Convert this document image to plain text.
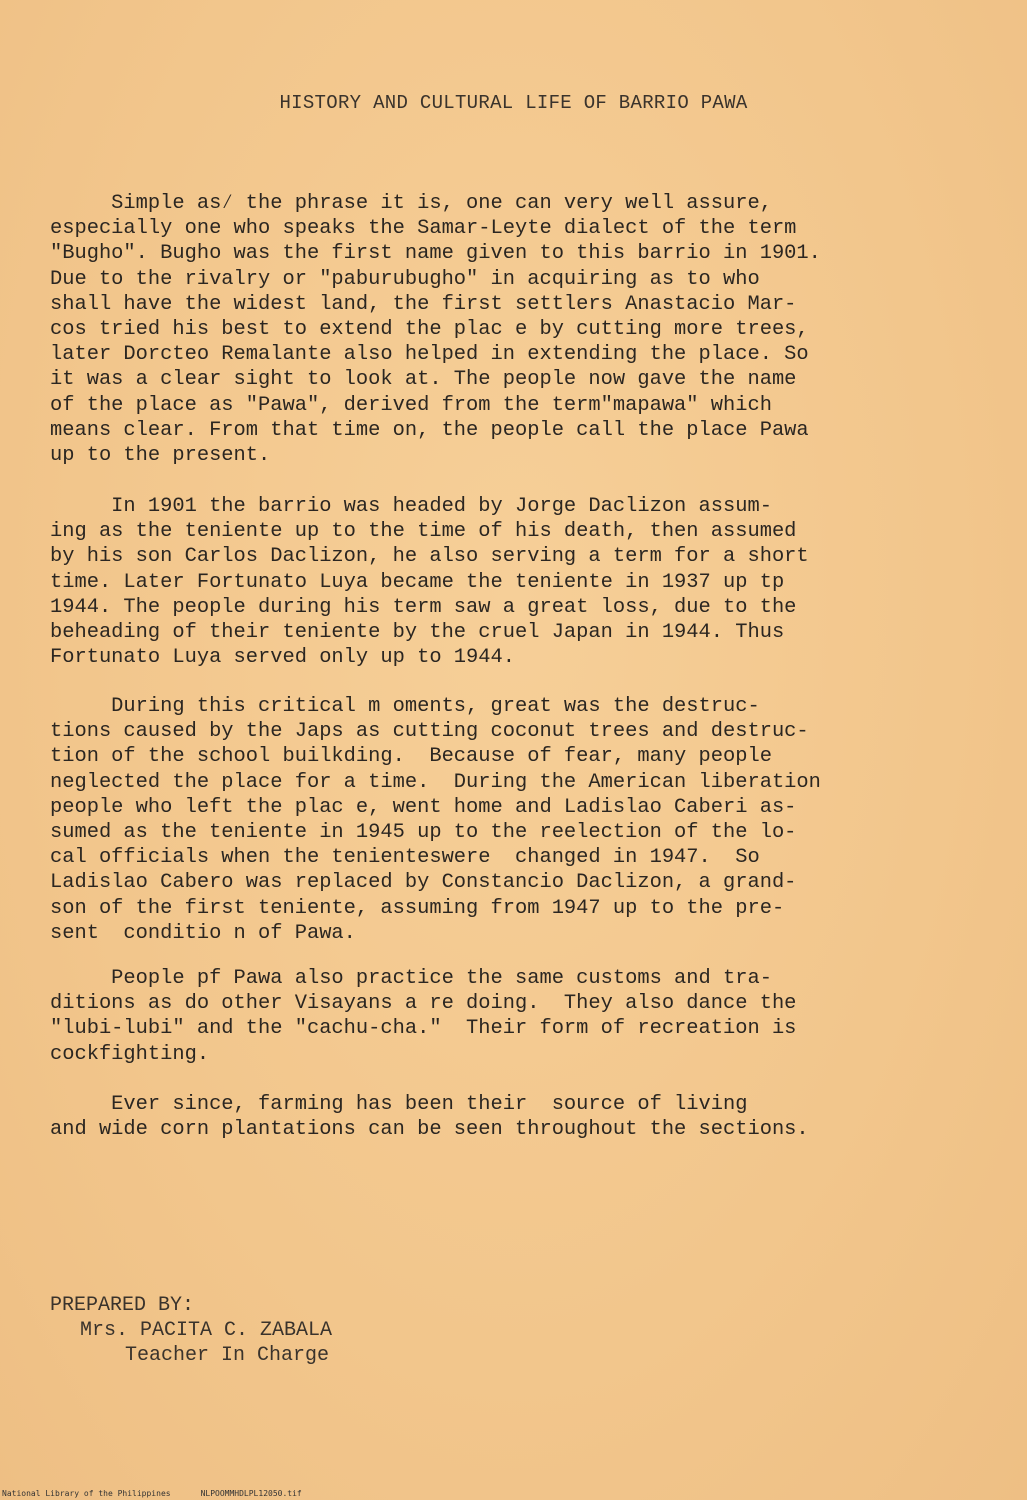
HISTORY AND CULTURAL LIFE OF BARRIO PAWA

Simple as⁄ the phrase it is, one can very well assure,
especially one who speaks the Samar-Leyte dialect of the term
"Bugho". Bugho was the first name given to this barrio in 1901.
Due to the rivalry or "paburubugho" in acquiring as to who
shall have the widest land, the first settlers Anastacio Mar-
cos tried his best to extend the plac e by cutting more trees,
later Dorcteo Remalante also helped in extending the place. So
it was a clear sight to look at. The people now gave the name
of the place as "Pawa", derived from the term"mapawa" which
means clear. From that time on, the people call the place Pawa
up to the present.

In 1901 the barrio was headed by Jorge Daclizon assum-
ing as the teniente up to the time of his death, then assumed
by his son Carlos Daclizon, he also serving a term for a short
time. Later Fortunato Luya became the teniente in 1937 up tp
1944. The people during his term saw a great loss, due to the
beheading of their teniente by the cruel Japan in 1944. Thus
Fortunato Luya served only up to 1944.

During this critical m oments, great was the destruc-
tions caused by the Japs as cutting coconut trees and destruc-
tion of the school builkding.  Because of fear, many people
neglected the place for a time.  During the American liberation
people who left the plac e, went home and Ladislao Caberi as-
sumed as the teniente in 1945 up to the reelection of the lo-
cal officials when the tenienteswere  changed in 1947.  So
Ladislao Cabero was replaced by Constancio Daclizon, a grand-
son of the first teniente, assuming from 1947 up to the pre-
sent  conditio n of Pawa.

People pf Pawa also practice the same customs and tra-
ditions as do other Visayans a re doing.  They also dance the
"lubi-lubi" and the "cachu-cha."  Their form of recreation is
cockfighting.

Ever since, farming has been their  source of living
and wide corn plantations can be seen throughout the sections.

PREPARED BY:
Mrs. PACITA C. ZABALA
Teacher In Charge
National Library of the Philippines	NLPOOMMHDLPL12050.tif
